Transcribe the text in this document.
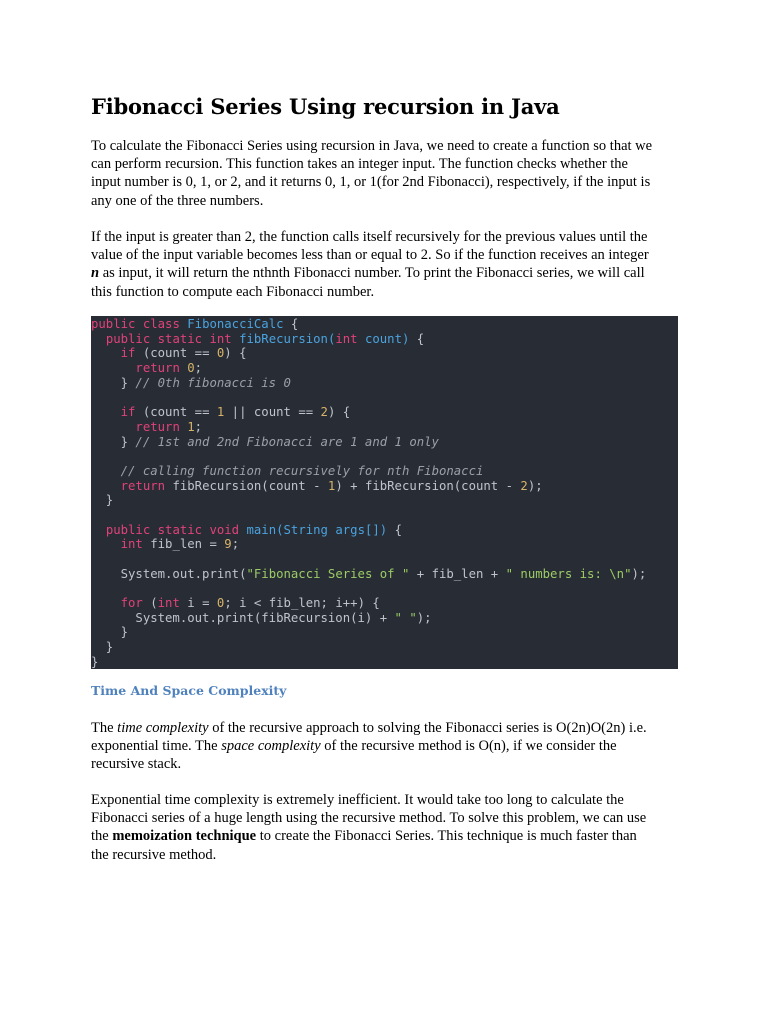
Fibonacci Series Using recursion in Java

To calculate the Fibonacci Series using recursion in Java, we need to create a function so that we
can perform recursion. This function takes an integer input. The function checks whether the
input number is 0, 1, or 2, and it returns 0, 1, or 1(for 2nd Fibonacci), respectively, if the input is
any one of the three numbers.

If the input is greater than 2, the function calls itself recursively for the previous values until the
value of the input variable becomes less than or equal to 2. So if the function receives an integer
n as input, it will return the nthnth Fibonacci number. To print the Fibonacci series, we will call
this function to compute each Fibonacci number.

public class FibonacciCalc {
public static int fibRecursion(int count) {
if (count == 0) {
return 0;
} // 0th fibonacci is 0
if (count == 1 || count == 2) {
return 1;
} // 1st and 2nd Fibonacci are 1 and 1 only
// calling function recursively for nth Fibonacci
return fibRecursion(count - 1) + fibRecursion(count - 2);
}
public static void main(String args[]) {
int fib_len = 9;
System.out.print("Fibonacci Series of " + fib_len + " numbers is: \n");
for (int i = 0; i < fib_len; i++) {
System.out.print(fibRecursion(i) + " ");
}
}
}
Time And Space Complexity

The time complexity of the recursive approach to solving the Fibonacci series is O(2n)O(2n) i.e.
exponential time. The space complexity of the recursive method is O(n), if we consider the
recursive stack.

Exponential time complexity is extremely inefficient. It would take too long to calculate the
Fibonacci series of a huge length using the recursive method. To solve this problem, we can use
the memoization technique to create the Fibonacci Series. This technique is much faster than
the recursive method.
